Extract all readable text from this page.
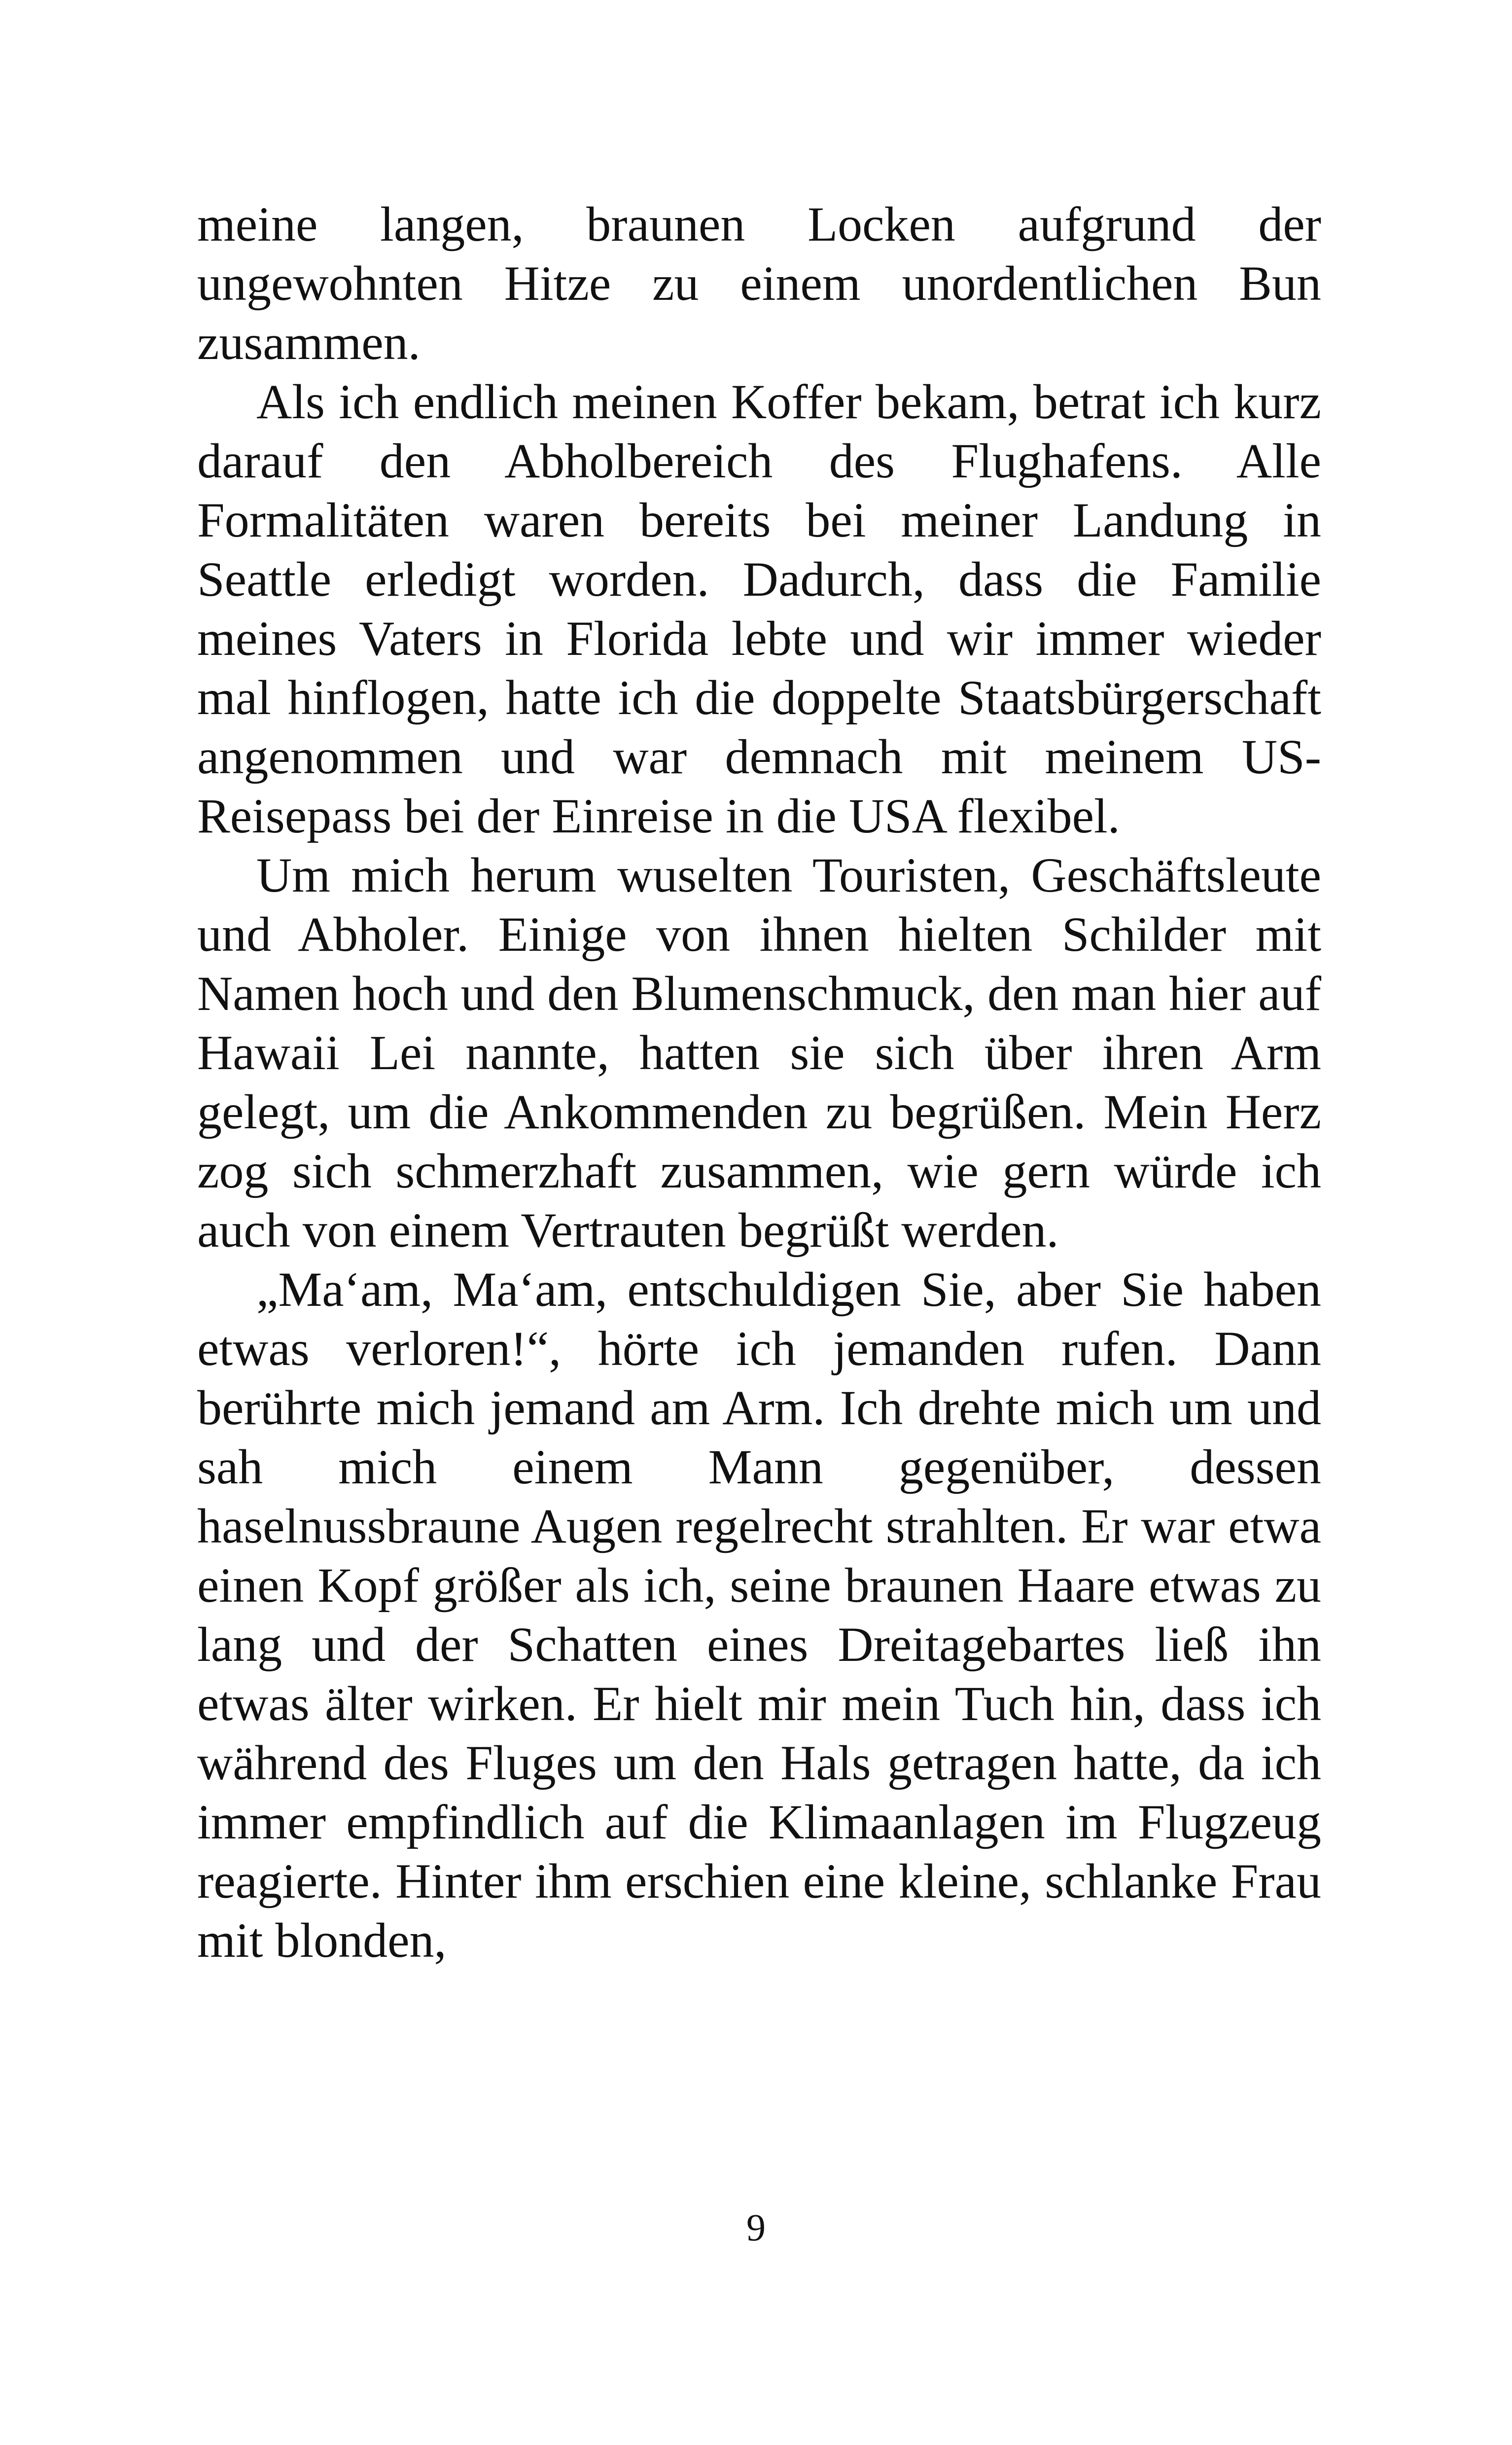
meine langen, braunen Locken aufgrund der ungewohnten Hitze zu einem unordentlichen Bun zusammen.

Als ich endlich meinen Koffer bekam, betrat ich kurz darauf den Abholbereich des Flughafens. Alle Formalitäten waren bereits bei meiner Landung in Seattle erledigt worden. Dadurch, dass die Familie meines Vaters in Florida lebte und wir immer wieder mal hinflogen, hatte ich die doppelte Staatsbürgerschaft angenommen und war demnach mit meinem US-Reisepass bei der Einreise in die USA flexibel.

Um mich herum wuselten Touristen, Geschäftsleute und Abholer. Einige von ihnen hielten Schilder mit Namen hoch und den Blumenschmuck, den man hier auf Hawaii Lei nannte, hatten sie sich über ihren Arm gelegt, um die Ankommenden zu begrüßen. Mein Herz zog sich schmerzhaft zusammen, wie gern würde ich auch von einem Vertrauten begrüßt werden.

„Maʻam, Maʻam, entschuldigen Sie, aber Sie haben etwas verloren!“, hörte ich jemanden rufen. Dann berührte mich jemand am Arm. Ich drehte mich um und sah mich einem Mann gegenüber, dessen haselnussbraune Augen regelrecht strahlten. Er war etwa einen Kopf größer als ich, seine braunen Haare etwas zu lang und der Schatten eines Dreitagebartes ließ ihn etwas älter wirken. Er hielt mir mein Tuch hin, dass ich während des Fluges um den Hals getragen hatte, da ich immer empfindlich auf die Klimaanlagen im Flugzeug reagierte. Hinter ihm erschien eine kleine, schlanke Frau mit blonden,

9
